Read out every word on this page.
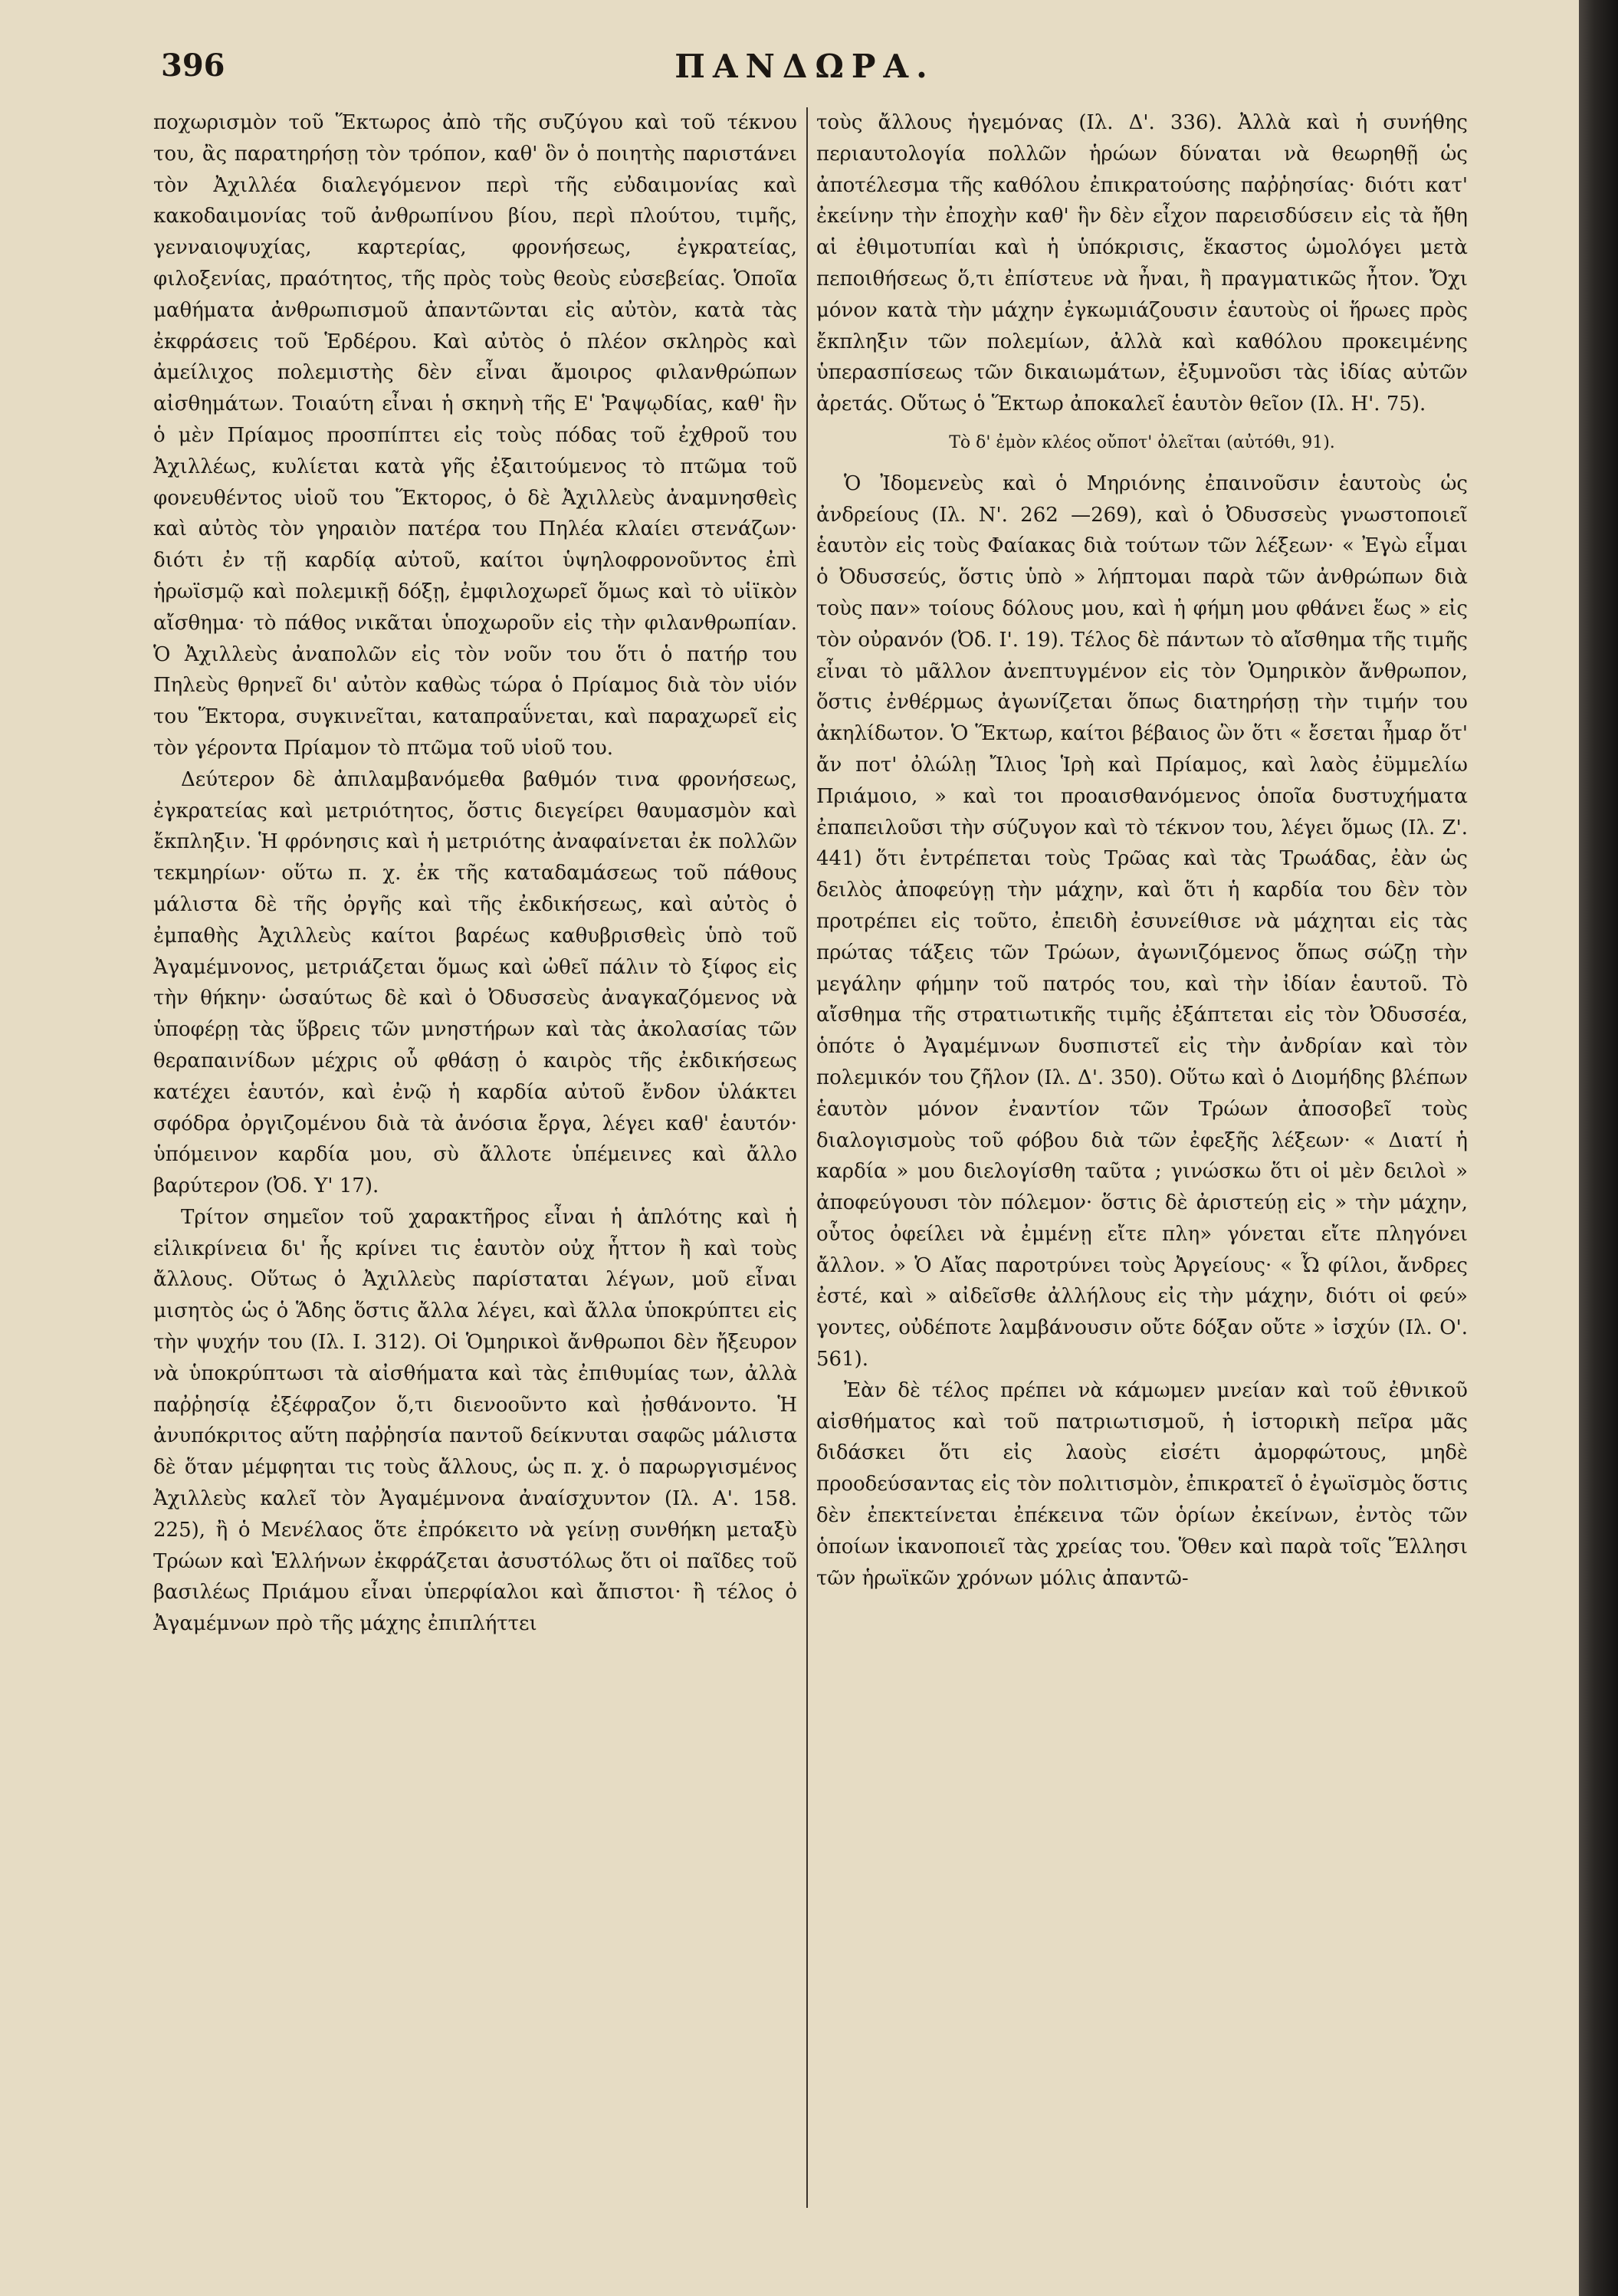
396	ΠΑΝΔΩΡΑ.

ποχωρισμὸν τοῦ Ἕκτωρος ἀπὸ τῆς συζύγου καὶ τοῦ τέκνου του, ἂς παρατηρήσῃ τὸν τρόπον, καθ' ὃν ὁ ποιητὴς παριστάνει τὸν Ἀχιλλέα διαλεγόμενον περὶ τῆς εὐδαιμονίας καὶ κακοδαιμονίας τοῦ ἀνθρωπίνου βίου, περὶ πλούτου, τιμῆς, γενναιοψυχίας, καρτερίας, φρονήσεως, ἐγκρατείας, φιλοξενίας, πραότητος, τῆς πρὸς τοὺς θεοὺς εὐσεβείας. Ὁποῖα μαθήματα ἀνθρωπισμοῦ ἀπαντῶνται εἰς αὐτὸν, κατὰ τὰς ἐκφράσεις τοῦ Ἑρδέρου. Καὶ αὐτὸς ὁ πλέον σκληρὸς καὶ ἀμείλιχος πολεμιστὴς δὲν εἶναι ἄμοιρος φιλανθρώπων αἰσθημάτων. Τοιαύτη εἶναι ἡ σκηνὴ τῆς Ε' Ῥαψῳδίας, καθ' ἣν ὁ μὲν Πρίαμος προσπίπτει εἰς τοὺς πόδας τοῦ ἐχθροῦ του Ἀχιλλέως, κυλίεται κατὰ γῆς ἐξαιτούμενος τὸ πτῶμα τοῦ φονευθέντος υἱοῦ του Ἕκτορος, ὁ δὲ Ἀχιλλεὺς ἀναμνησθεὶς καὶ αὐτὸς τὸν γηραιὸν πατέρα του Πηλέα κλαίει στενάζων· διότι ἐν τῇ καρδίᾳ αὐτοῦ, καίτοι ὑψηλοφρονοῦντος ἐπὶ ἡρωϊσμῷ καὶ πολεμικῇ δόξῃ, ἐμφιλοχωρεῖ ὅμως καὶ τὸ υἱϊκὸν αἴσθημα· τὸ πάθος νικᾶται ὑποχωροῦν εἰς τὴν φιλανθρωπίαν. Ὁ Ἀχιλλεὺς ἀναπολῶν εἰς τὸν νοῦν του ὅτι ὁ πατήρ του Πηλεὺς θρηνεῖ δι' αὐτὸν καθὼς τώρα ὁ Πρίαμος διὰ τὸν υἱόν του Ἕκτορα, συγκινεῖται, καταπραΰνεται, καὶ παραχωρεῖ εἰς τὸν γέροντα Πρίαμον τὸ πτῶμα τοῦ υἱοῦ του.

Δεύτερον δὲ ἀπιλαμβανόμεθα βαθμόν τινα φρονήσεως, ἐγκρατείας καὶ μετριότητος, ὅστις διεγείρει θαυμασμὸν καὶ ἔκπληξιν. Ἡ φρόνησις καὶ ἡ μετριότης ἀναφαίνεται ἐκ πολλῶν τεκμηρίων· οὕτω π. χ. ἐκ τῆς καταδαμάσεως τοῦ πάθους μάλιστα δὲ τῆς ὀργῆς καὶ τῆς ἐκδικήσεως, καὶ αὐτὸς ὁ ἐμπαθὴς Ἀχιλλεὺς καίτοι βαρέως καθυβρισθεὶς ὑπὸ τοῦ Ἀγαμέμνονος, μετριάζεται ὅμως καὶ ὠθεῖ πάλιν τὸ ξίφος εἰς τὴν θήκην· ὡσαύτως δὲ καὶ ὁ Ὀδυσσεὺς ἀναγκαζόμενος νὰ ὑποφέρῃ τὰς ὕβρεις τῶν μνηστήρων καὶ τὰς ἀκολασίας τῶν θεραπαινίδων μέχρις οὗ φθάσῃ ὁ καιρὸς τῆς ἐκδικήσεως κατέχει ἑαυτόν, καὶ ἐνῷ ἡ καρδία αὐτοῦ ἔνδον ὑλάκτει σφόδρα ὀργιζομένου διὰ τὰ ἀνόσια ἔργα, λέγει καθ' ἑαυτόν· ὑπόμεινον καρδία μου, σὺ ἄλλοτε ὑπέμεινες καὶ ἄλλο βαρύτερον (Ὀδ. Υ' 17).

Τρίτον σημεῖον τοῦ χαρακτῆρος εἶναι ἡ ἁπλότης καὶ ἡ εἰλικρίνεια δι' ἧς κρίνει τις ἑαυτὸν οὐχ ἧττον ἢ καὶ τοὺς ἄλλους. Οὕτως ὁ Ἀχιλλεὺς παρίσταται λέγων, μοῦ εἶναι μισητὸς ὡς ὁ Ἅδης ὅστις ἄλλα λέγει, καὶ ἄλλα ὑποκρύπτει εἰς τὴν ψυχήν του (Ιλ. Ι. 312). Οἱ Ὁμηρικοὶ ἄνθρωποι δὲν ἤξευρον νὰ ὑποκρύπτωσι τὰ αἰσθήματα καὶ τὰς ἐπιθυμίας των, ἀλλὰ παῤῥησίᾳ ἐξέφραζον ὅ,τι διενοοῦντο καὶ ᾐσθάνοντο. Ἡ ἀνυπόκριτος αὕτη παῤῥησία παντοῦ δείκνυται σαφῶς μάλιστα δὲ ὅταν μέμφηται τις τοὺς ἄλλους, ὡς π. χ. ὁ παρωργισμένος Ἀχιλλεὺς καλεῖ τὸν Ἀγαμέμνονα ἀναίσχυντον (Ιλ. Α'. 158. 225), ἢ ὁ Μενέλαος ὅτε ἐπρόκειτο νὰ γείνῃ συνθήκη μεταξὺ Τρώων καὶ Ἑλλήνων ἐκφράζεται ἀσυστόλως ὅτι οἱ παῖδες τοῦ βασιλέως Πριάμου εἶναι ὑπερφίαλοι καὶ ἄπιστοι· ἢ τέλος ὁ Ἀγαμέμνων πρὸ τῆς μάχης ἐπιπλήττει

τοὺς ἄλλους ἡγεμόνας (Ιλ. Δ'. 336). Ἀλλὰ καὶ ἡ συνήθης περιαυτολογία πολλῶν ἡρώων δύναται νὰ θεωρηθῇ ὡς ἀποτέλεσμα τῆς καθόλου ἐπικρατούσης παῤῥησίας· διότι κατ' ἐκείνην τὴν ἐποχὴν καθ' ἣν δὲν εἶχον παρεισδύσειν εἰς τὰ ἤθη αἱ ἐθιμοτυπίαι καὶ ἡ ὑπόκρισις, ἕκαστος ὡμολόγει μετὰ πεποιθήσεως ὅ,τι ἐπίστευε νὰ ἦναι, ἢ πραγματικῶς ἦτον. Ὄχι μόνον κατὰ τὴν μάχην ἐγκωμιάζουσιν ἑαυτοὺς οἱ ἥρωες πρὸς ἔκπληξιν τῶν πολεμίων, ἀλλὰ καὶ καθόλου προκειμένης ὑπερασπίσεως τῶν δικαιωμάτων, ἐξυμνοῦσι τὰς ἰδίας αὐτῶν ἀρετάς. Οὕτως ὁ Ἕκτωρ ἀποκαλεῖ ἑαυτὸν θεῖον (Ιλ. Η'. 75).

Τὸ δ' ἐμὸν κλέος οὔποτ' ὀλεῖται (αὐτόθι, 91).

Ὁ Ἰδομενεὺς καὶ ὁ Μηριόνης ἐπαινοῦσιν ἑαυτοὺς ὡς ἀνδρείους (Ιλ. Ν'. 262 —269), καὶ ὁ Ὀδυσσεὺς γνωστοποιεῖ ἑαυτὸν εἰς τοὺς Φαίακας διὰ τούτων τῶν λέξεων· « Ἐγὼ εἶμαι ὁ Ὀδυσσεύς, ὅστις ὑπὸ » λήπτομαι παρὰ τῶν ἀνθρώπων διὰ τοὺς παν» τοίους δόλους μου, καὶ ἡ φήμη μου φθάνει ἕως » εἰς τὸν οὐρανόν (Ὀδ. Ι'. 19). Τέλος δὲ πάντων τὸ αἴσθημα τῆς τιμῆς εἶναι τὸ μᾶλλον ἀνεπτυγμένον εἰς τὸν Ὁμηρικὸν ἄνθρωπον, ὅστις ἐνθέρμως ἀγωνίζεται ὅπως διατηρήσῃ τὴν τιμήν του ἀκηλίδωτον. Ὁ Ἕκτωρ, καίτοι βέβαιος ὢν ὅτι « ἔσεται ἦμαρ ὅτ' ἄν ποτ' ὀλώλῃ Ἴλιος Ἱρὴ καὶ Πρίαμος, καὶ λαὸς ἐϋμμελίω Πριάμοιο, » καὶ τοι προαισθανόμενος ὁποῖα δυστυχήματα ἐπαπειλοῦσι τὴν σύζυγον καὶ τὸ τέκνον του, λέγει ὅμως (Ιλ. Ζ'. 441) ὅτι ἐντρέπεται τοὺς Τρῶας καὶ τὰς Τρωάδας, ἐὰν ὡς δειλὸς ἀποφεύγῃ τὴν μάχην, καὶ ὅτι ἡ καρδία του δὲν τὸν προτρέπει εἰς τοῦτο, ἐπειδὴ ἐσυνείθισε νὰ μάχηται εἰς τὰς πρώτας τάξεις τῶν Τρώων, ἀγωνιζόμενος ὅπως σώζῃ τὴν μεγάλην φήμην τοῦ πατρός του, καὶ τὴν ἰδίαν ἑαυτοῦ. Τὸ αἴσθημα τῆς στρατιωτικῆς τιμῆς ἐξάπτεται εἰς τὸν Ὀδυσσέα, ὁπότε ὁ Ἀγαμέμνων δυσπιστεῖ εἰς τὴν ἀνδρίαν καὶ τὸν πολεμικόν του ζῆλον (Ιλ. Δ'. 350). Οὕτω καὶ ὁ Διομήδης βλέπων ἑαυτὸν μόνον ἐναντίον τῶν Τρώων ἀποσοβεῖ τοὺς διαλογισμοὺς τοῦ φόβου διὰ τῶν ἐφεξῆς λέξεων· « Διατί ἡ καρδία » μου διελογίσθη ταῦτα ; γινώσκω ὅτι οἱ μὲν δειλοὶ » ἀποφεύγουσι τὸν πόλεμον· ὅστις δὲ ἀριστεύῃ εἰς » τὴν μάχην, οὗτος ὀφείλει νὰ ἐμμένῃ εἴτε πλη» γόνεται εἴτε πληγόνει ἄλλον. » Ὁ Αἴας παροτρύνει τοὺς Ἀργείους· « Ὦ φίλοι, ἄνδρες ἐστέ, καὶ » αἰδεῖσθε ἀλλήλους εἰς τὴν μάχην, διότι οἱ φεύ» γοντες, οὐδέποτε λαμβάνουσιν οὔτε δόξαν οὔτε » ἰσχύν (Ιλ. Ο'. 561).

Ἐὰν δὲ τέλος πρέπει νὰ κάμωμεν μνείαν καὶ τοῦ ἐθνικοῦ αἰσθήματος καὶ τοῦ πατριωτισμοῦ, ἡ ἱστορικὴ πεῖρα μᾶς διδάσκει ὅτι εἰς λαοὺς εἰσέτι ἀμορφώτους, μηδὲ προοδεύσαντας εἰς τὸν πολιτισμὸν, ἐπικρατεῖ ὁ ἐγωϊσμὸς ὅστις δὲν ἐπεκτείνεται ἐπέκεινα τῶν ὁρίων ἐκείνων, ἐντὸς τῶν ὁποίων ἱκανοποιεῖ τὰς χρείας του. Ὅθεν καὶ παρὰ τοῖς Ἕλλησι τῶν ἡρωϊκῶν χρόνων μόλις ἀπαντῶ-
